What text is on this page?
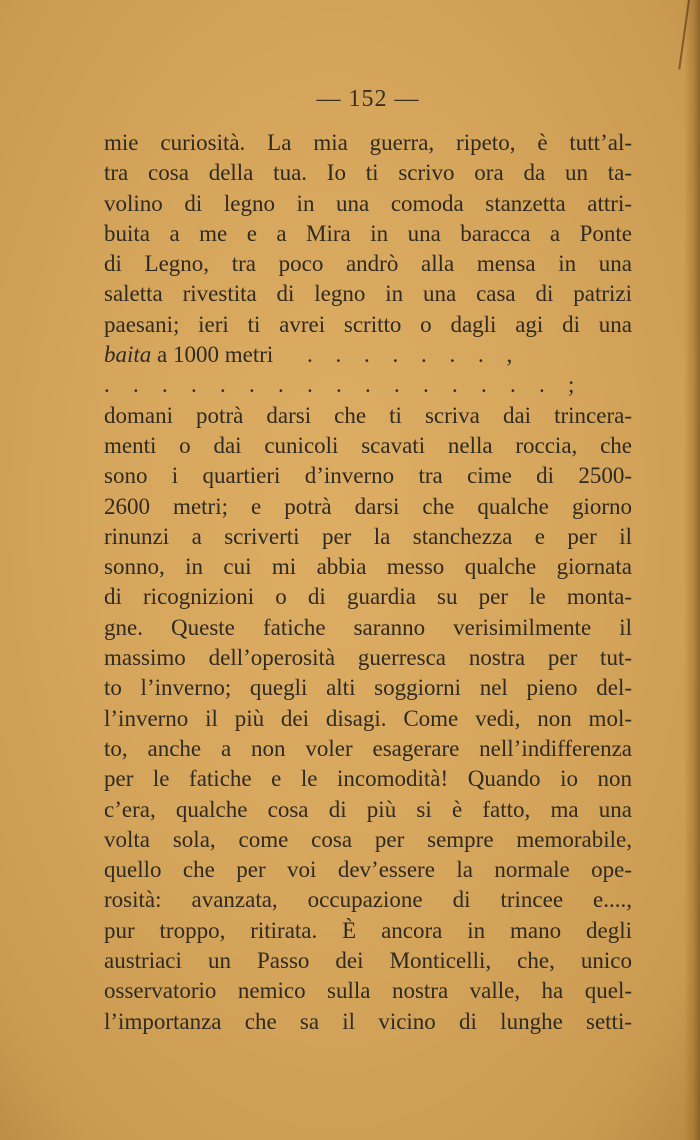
— 152 —
mie curiosità. La mia guerra, ripeto, è tutt’al-
tra cosa della tua. Io ti scrivo ora da un ta-
volino di legno in una comoda stanzetta attri-
buita a me e a Mira in una baracca a Ponte
di Legno, tra poco andrò alla mensa in una
saletta rivestita di legno in una casa di patrizi
paesani; ieri ti avrei scritto o dagli agi di una
baita a 1000 metri . . . . . . . ,
. . . . . . . . . . . . . . . . ;
domani potrà darsi che ti scriva dai trincera-
menti o dai cunicoli scavati nella roccia, che
sono i quartieri d’inverno tra cime di 2500-
2600 metri; e potrà darsi che qualche giorno
rinunzi a scriverti per la stanchezza e per il
sonno, in cui mi abbia messo qualche giornata
di ricognizioni o di guardia su per le monta-
gne. Queste fatiche saranno verisimilmente il
massimo dell’operosità guerresca nostra per tut-
to l’inverno; quegli alti soggiorni nel pieno del-
l’inverno il più dei disagi. Come vedi, non mol-
to, anche a non voler esagerare nell’indifferenza
per le fatiche e le incomodità! Quando io non
c’era, qualche cosa di più si è fatto, ma una
volta sola, come cosa per sempre memorabile,
quello che per voi dev’essere la normale ope-
rosità: avanzata, occupazione di trincee e....,
pur troppo, ritirata. È ancora in mano degli
austriaci un Passo dei Monticelli, che, unico
osservatorio nemico sulla nostra valle, ha quel-
l’importanza che sa il vicino di lunghe setti-
